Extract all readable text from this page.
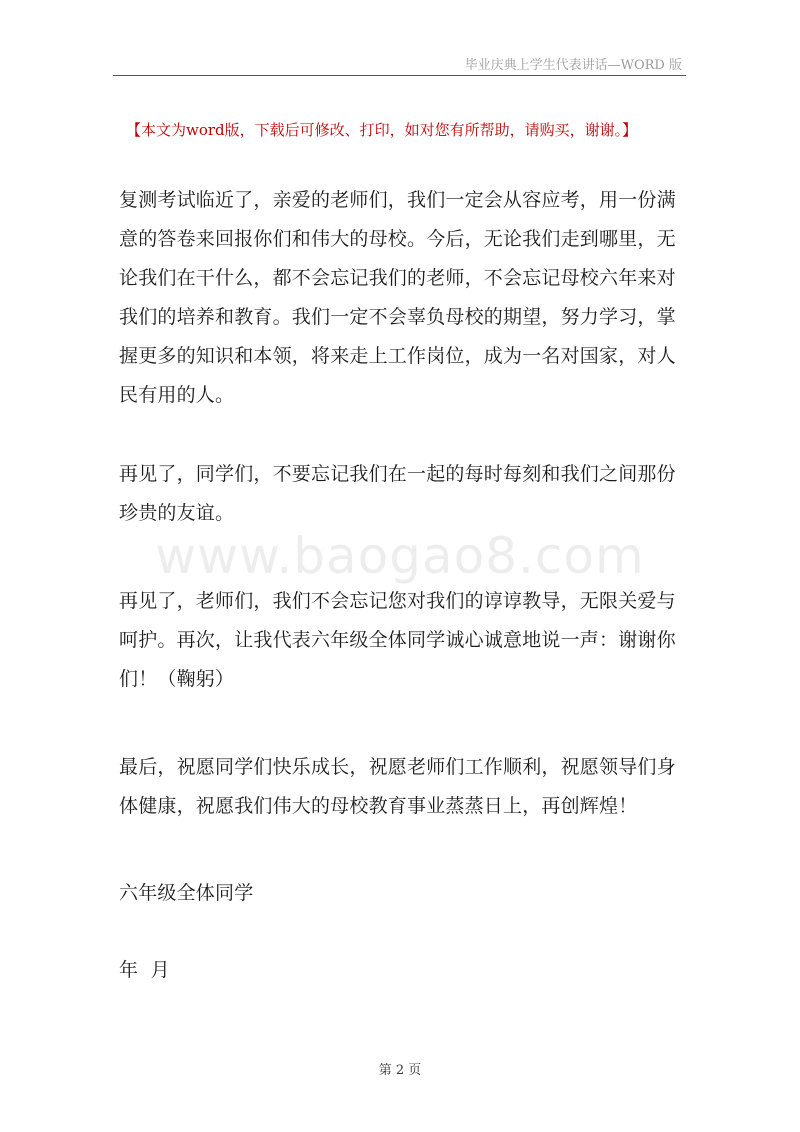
毕业庆典上学生代表讲话—WORD 版
【本文为word版，下载后可修改、打印，如对您有所帮助，请购买，谢谢。】

复测考试临近了，亲爱的老师们，我们一定会从容应考，用一份满意的答卷来回报你们和伟大的母校。今后，无论我们走到哪里，无论我们在干什么，都不会忘记我们的老师，不会忘记母校六年来对我们的培养和教育。我们一定不会辜负母校的期望，努力学习，掌握更多的知识和本领，将来走上工作岗位，成为一名对国家，对人民有用的人。

再见了，同学们，不要忘记我们在一起的每时每刻和我们之间那份珍贵的友谊。

www.baogao8.com

再见了，老师们，我们不会忘记您对我们的谆谆教导，无限关爱与呵护。再次，让我代表六年级全体同学诚心诚意地说一声：谢谢你们！（鞠躬）

最后，祝愿同学们快乐成长，祝愿老师们工作顺利，祝愿领导们身体健康，祝愿我们伟大的母校教育事业蒸蒸日上，再创辉煌！

六年级全体同学

年  月

第 2 页
